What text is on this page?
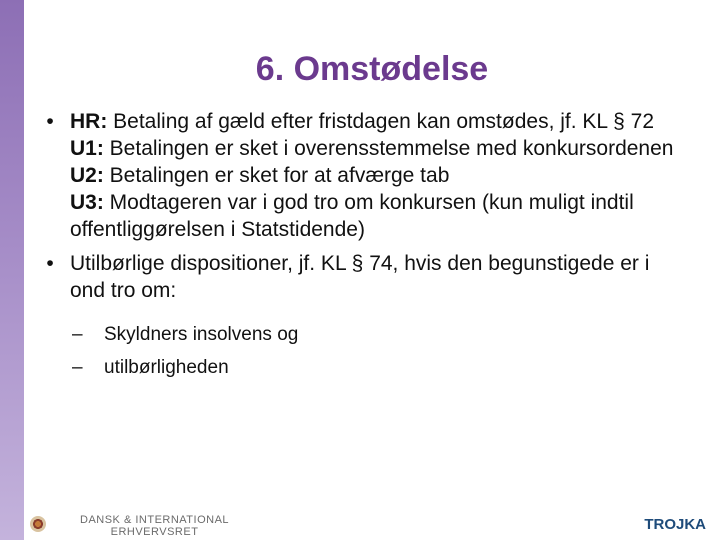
6. Omstødelse
• HR: Betaling af gæld efter fristdagen kan omstødes, jf. KL § 72
U1: Betalingen er sket i overensstemmelse med konkursordenen
U2: Betalingen er sket for at afværge tab
U3: Modtageren var i god tro om konkursen (kun muligt indtil offentliggørelsen i Statstidende)
• Utilbørlige dispositioner, jf. KL § 74, hvis den begunstigede er i ond tro om:
– Skyldners insolvens og
– utilbørligheden
DANSK & INTERNATIONAL
ERHVERVSRET	TROJKA
